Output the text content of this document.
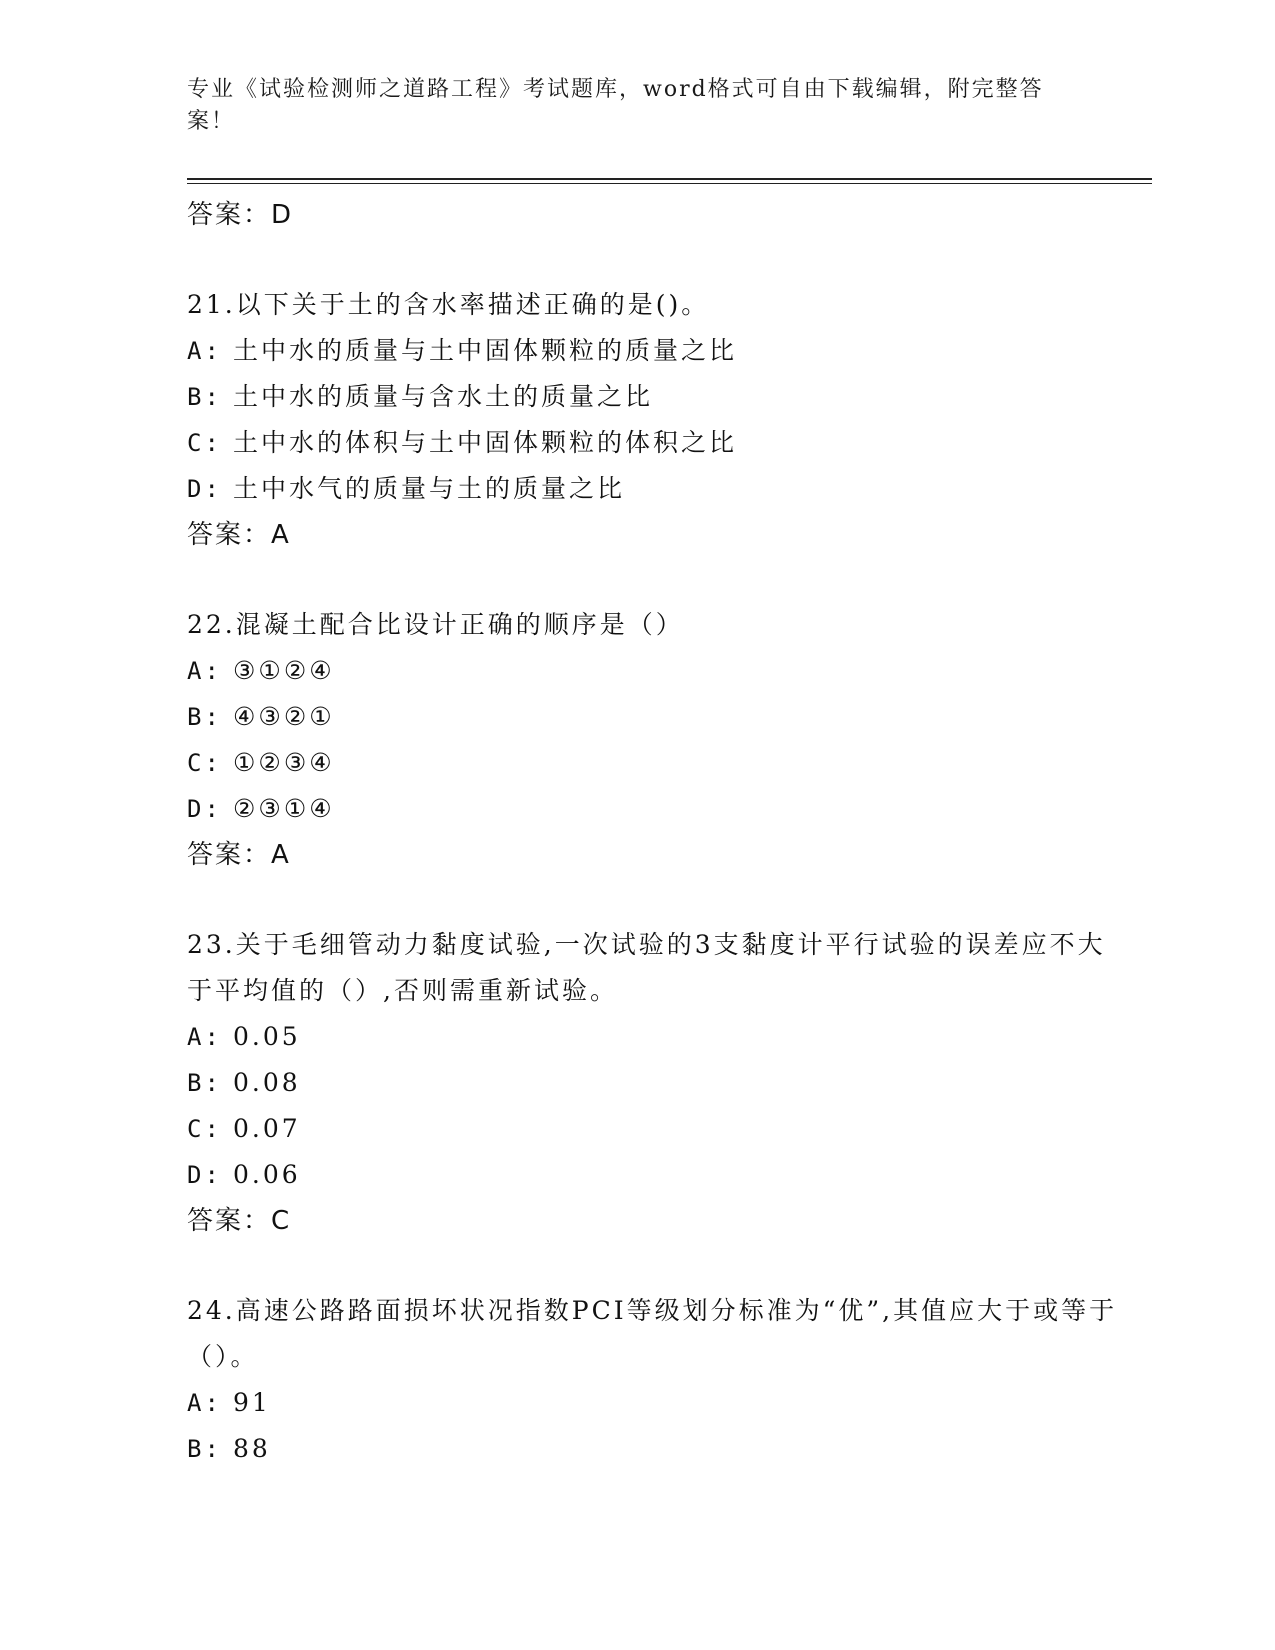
专业《试验检测师之道路工程》考试题库，word格式可自由下载编辑，附完整答案！

答案：D

21.以下关于土的含水率描述正确的是()。

A: 土中水的质量与土中固体颗粒的质量之比
B: 土中水的质量与含水土的质量之比
C: 土中水的体积与土中固体颗粒的体积之比
D: 土中水气的质量与土的质量之比

答案：A

22.混凝土配合比设计正确的顺序是（）

A: ③①②④
B: ④③②①
C: ①②③④
D: ②③①④

答案：A

23.关于毛细管动力黏度试验,一次试验的3支黏度计平行试验的误差应不大于平均值的（）,否则需重新试验。

A: 0.05
B: 0.08
C: 0.07
D: 0.06

答案：C

24.高速公路路面损坏状况指数PCI等级划分标准为“优”,其值应大于或等于（）。

A: 91
B: 88
